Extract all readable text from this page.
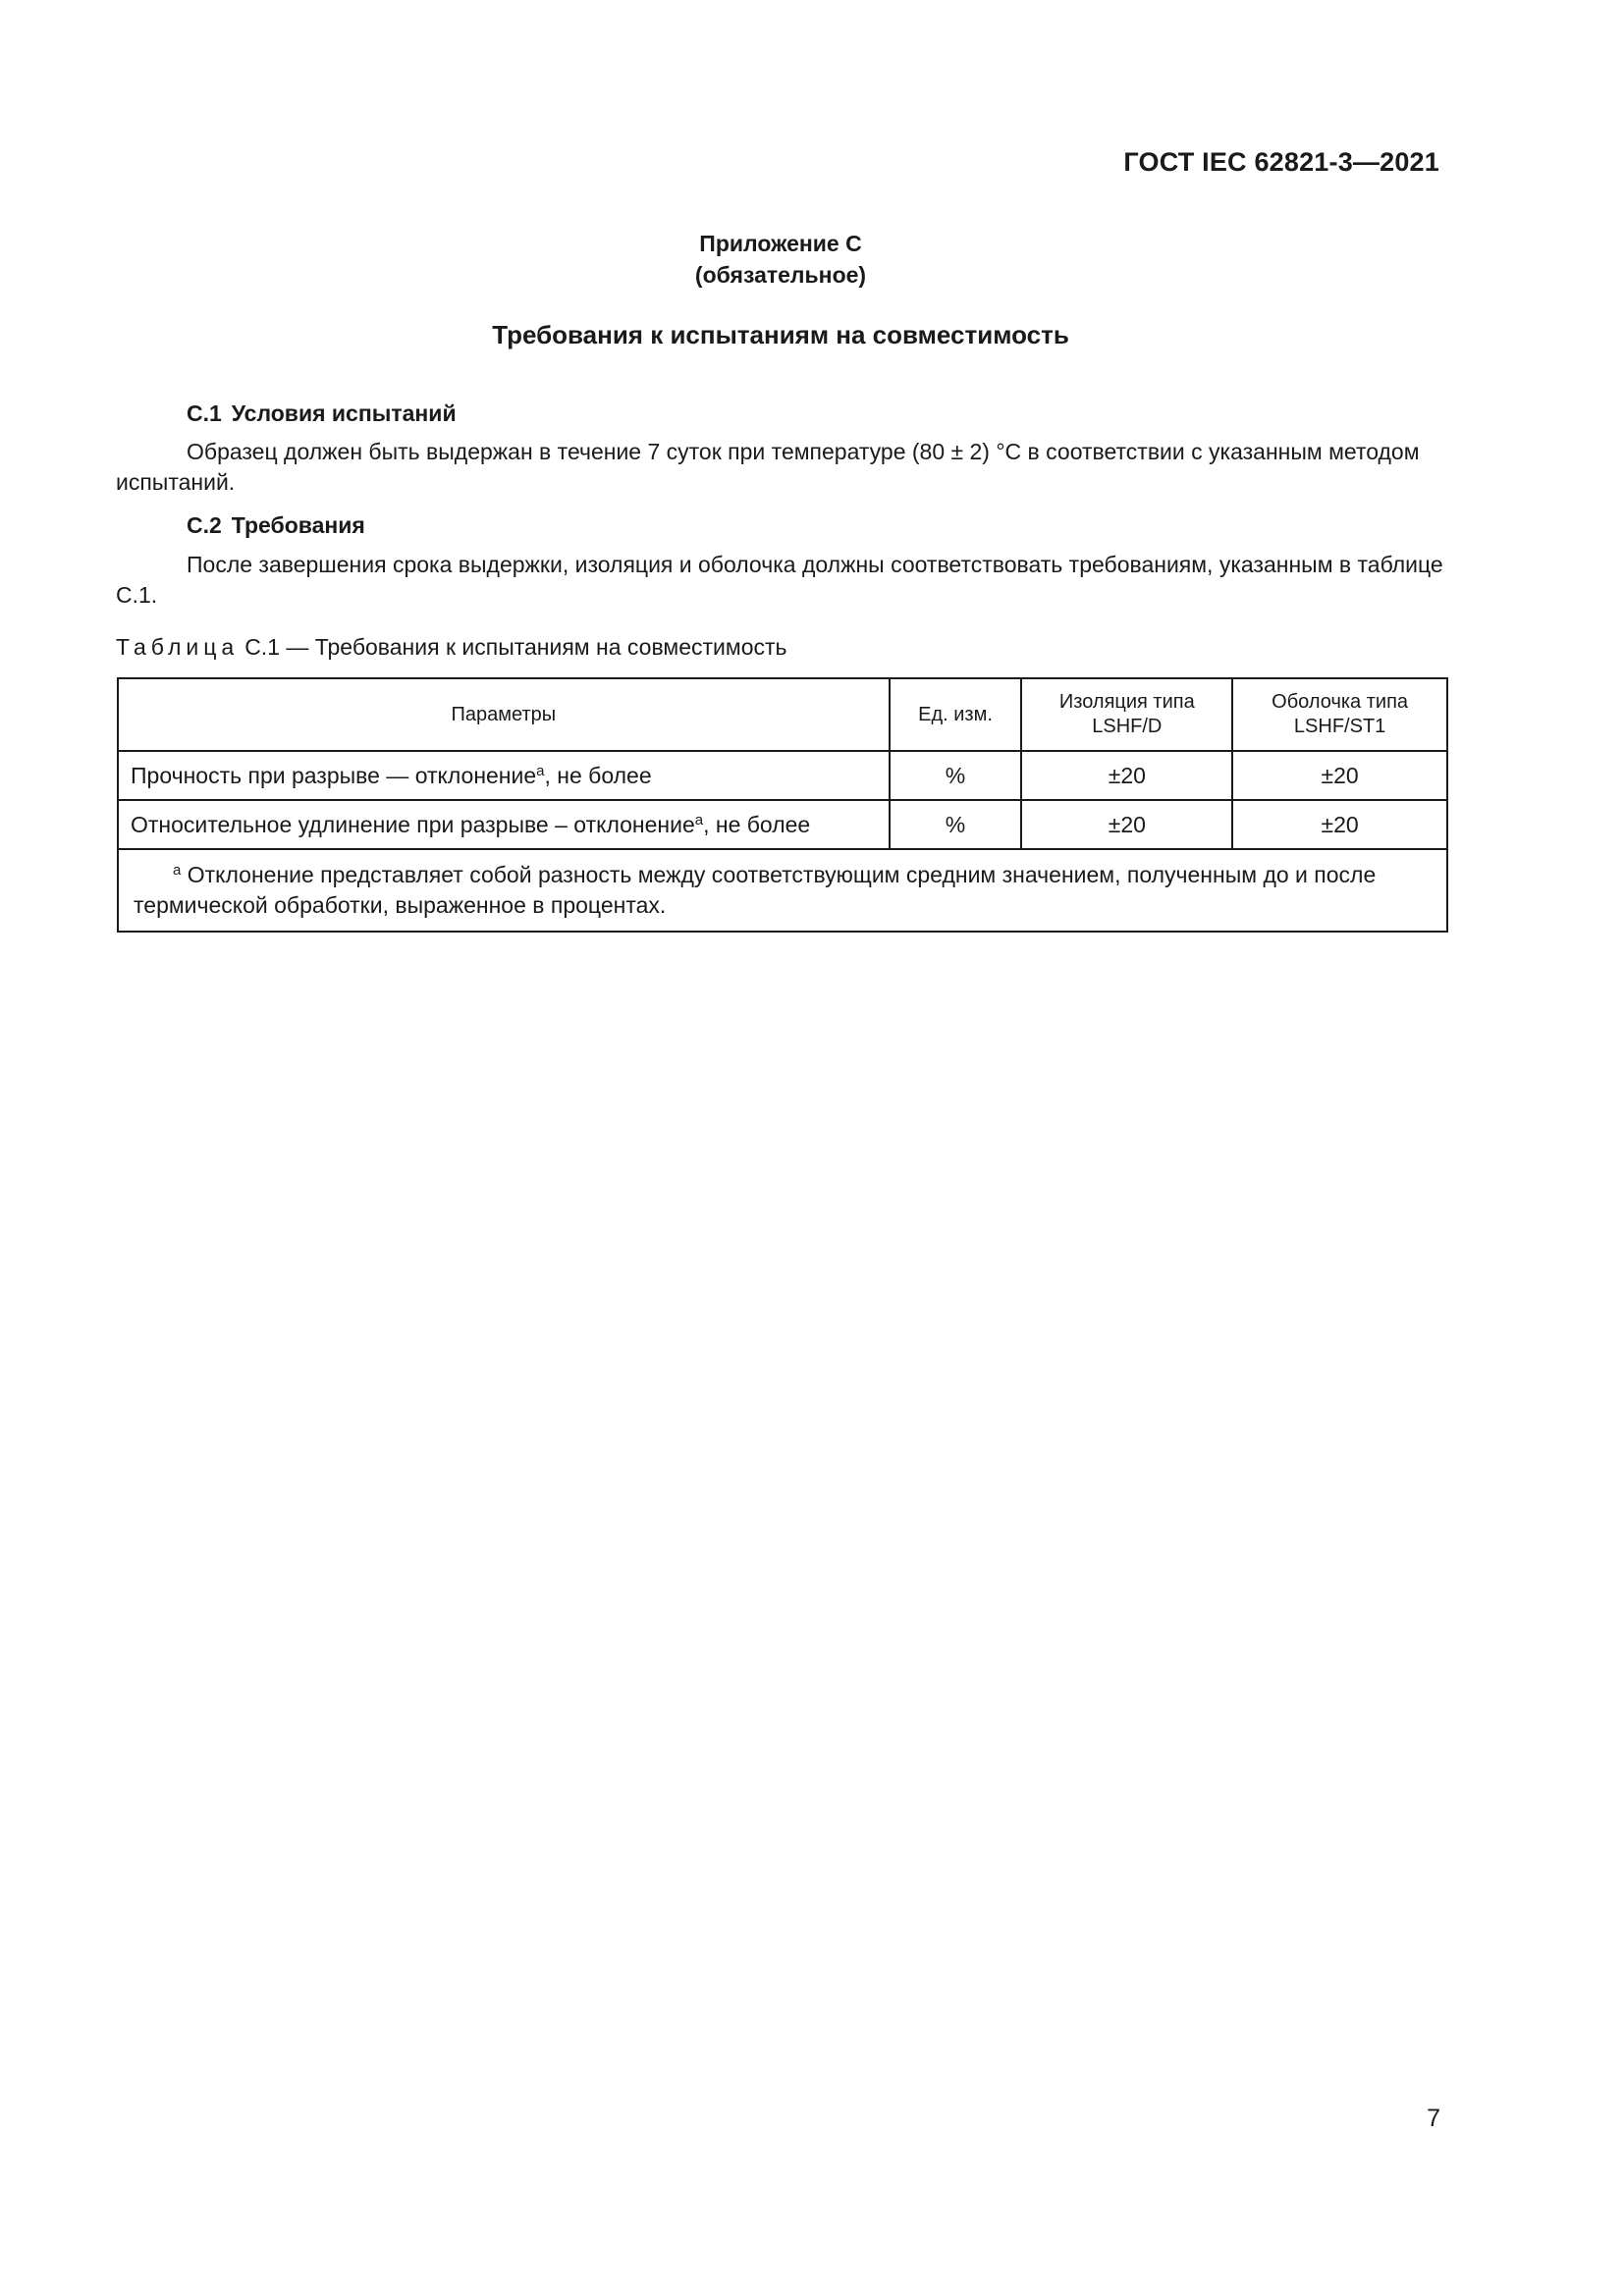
ГОСТ IEC 62821-3—2021
Приложение С
(обязательное)
Требования к испытаниям на совместимость
С.1 Условия испытаний
Образец должен быть выдержан в течение 7 суток при температуре (80 ± 2) °С в соответствии с указанным методом испытаний.
С.2 Требования
После завершения срока выдержки, изоляция и оболочка должны соответствовать требованиям, указанным в таблице С.1.
Таблица С.1 — Требования к испытаниям на совместимость
Параметры	Ед. изм.	Изоляция типа LSHF/D	Оболочка типа LSHF/ST1
Прочность при разрыве — отклонение$^a$, не более	%	±20	±20
Относительное удлинение при разрыве – отклонение$^a$, не более	%	±20	±20
$^a$ Отклонение представляет собой разность между соответствующим средним значением, полученным до и после термической обработки, выраженное в процентах.			
7
